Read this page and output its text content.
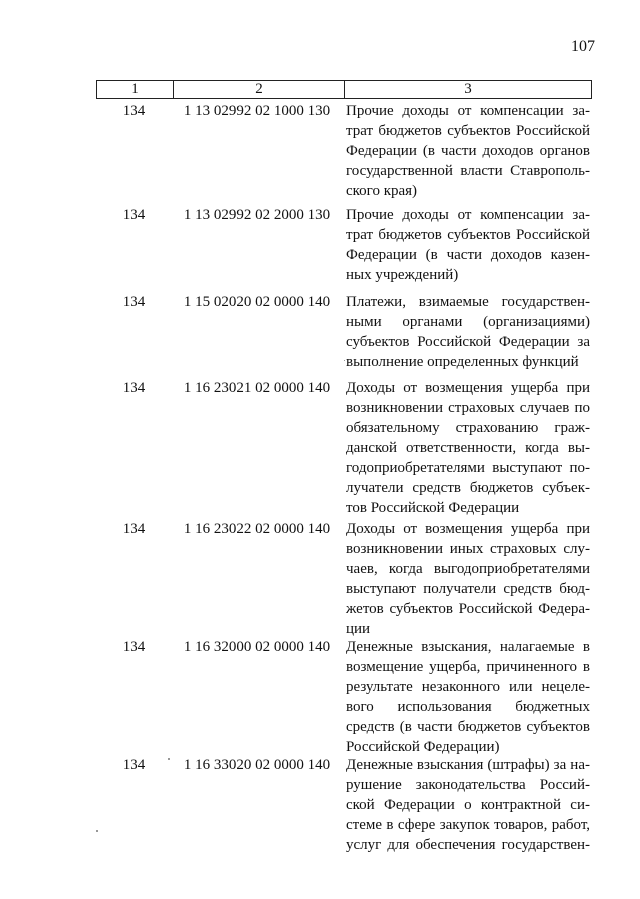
107
1	2	3
134	1 13 02992 02 1000 130	Прочие доходы от компенсации за-
трат бюджетов субъектов Российской
Федерации (в части доходов органов
государственной власти Ставрополь-
ского края)
134	1 13 02992 02 2000 130	Прочие доходы от компенсации за-
трат бюджетов субъектов Российской
Федерации (в части доходов казен-
ных учреждений)
134	1 15 02020 02 0000 140	Платежи, взимаемые государствен-
ными органами (организациями)
субъектов Российской Федерации за
выполнение определенных функций
134	1 16 23021 02 0000 140	Доходы от возмещения ущерба при
возникновении страховых случаев по
обязательному страхованию граж-
данской ответственности, когда вы-
годоприобретателями выступают по-
лучатели средств бюджетов субъек-
тов Российской Федерации
134	1 16 23022 02 0000 140	Доходы от возмещения ущерба при
возникновении иных страховых слу-
чаев, когда выгодоприобретателями
выступают получатели средств бюд-
жетов субъектов Российской Федера-
ции
134	1 16 32000 02 0000 140	Денежные взыскания, налагаемые в
возмещение ущерба, причиненного в
результате незаконного или нецеле-
вого использования бюджетных
средств (в части бюджетов субъектов
Российской Федерации)
134	1 16 33020 02 0000 140	Денежные взыскания (штрафы) за на-
рушение законодательства Россий-
ской Федерации о контрактной си-
стеме в сфере закупок товаров, работ,
услуг для обеспечения государствен-
